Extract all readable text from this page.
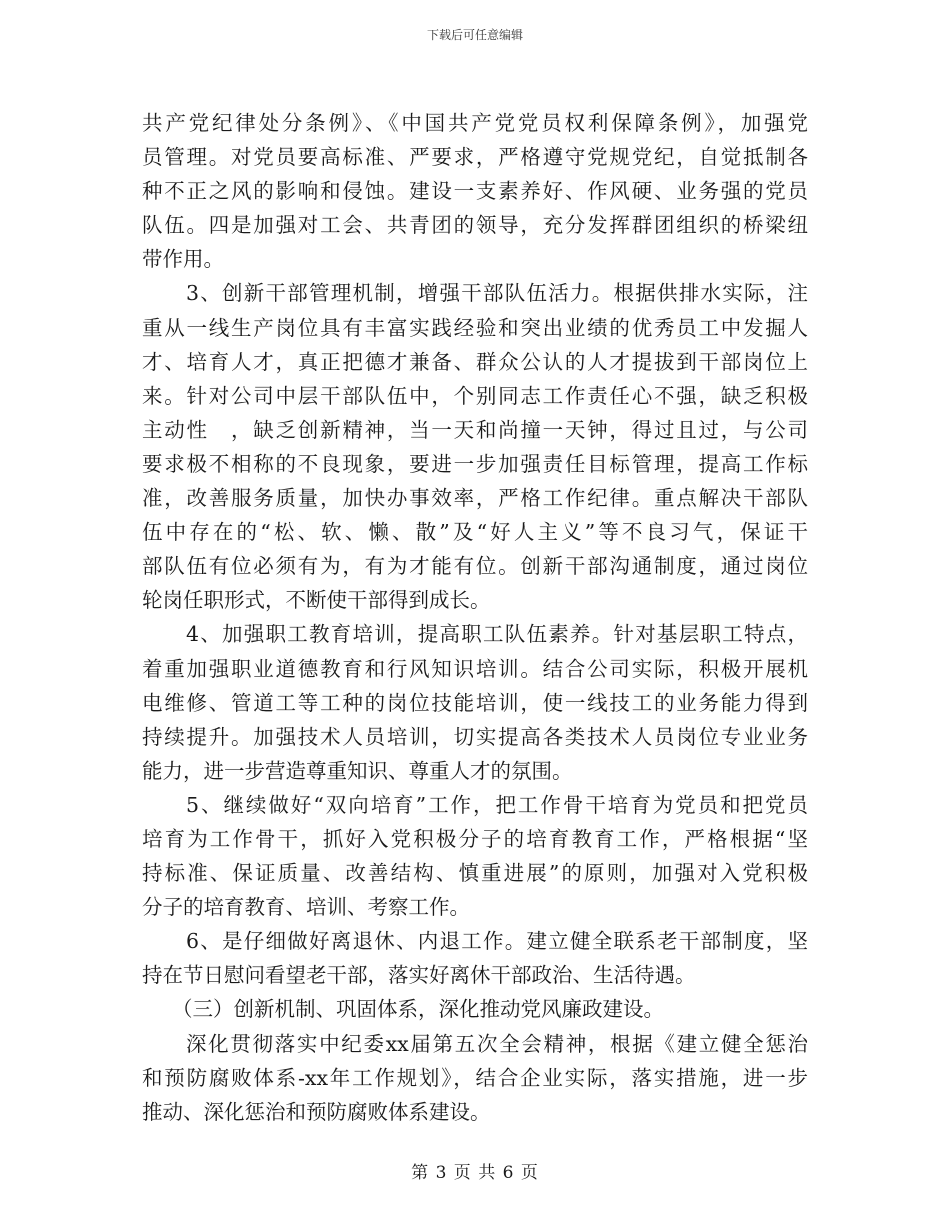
下载后可任意编辑
共产党纪律处分条例》、《中国共产党党员权利保障条例》，加强党
员管理。对党员要高标准、严要求，严格遵守党规党纪，自觉抵制各
种不正之风的影响和侵蚀。建设一支素养好、作风硬、业务强的党员
队伍。四是加强对工会、共青团的领导，充分发挥群团组织的桥梁纽
带作用。
3、创新干部管理机制，增强干部队伍活力。根据供排水实际，注
重从一线生产岗位具有丰富实践经验和突出业绩的优秀员工中发掘人
才、培育人才，真正把德才兼备、群众公认的人才提拔到干部岗位上
来。针对公司中层干部队伍中，个别同志工作责任心不强，缺乏积极
主动性　，缺乏创新精神，当一天和尚撞一天钟，得过且过，与公司
要求极不相称的不良现象，要进一步加强责任目标管理，提高工作标
准，改善服务质量，加快办事效率，严格工作纪律。重点解决干部队
伍中存在的“松、软、懒、散”及“好人主义”等不良习气，保证干
部队伍有位必须有为，有为才能有位。创新干部沟通制度，通过岗位
轮岗任职形式，不断使干部得到成长。
4、加强职工教育培训，提高职工队伍素养。针对基层职工特点，
着重加强职业道德教育和行风知识培训。结合公司实际，积极开展机
电维修、管道工等工种的岗位技能培训，使一线技工的业务能力得到
持续提升。加强技术人员培训，切实提高各类技术人员岗位专业业务
能力，进一步营造尊重知识、尊重人才的氛围。
5、继续做好“双向培育”工作，把工作骨干培育为党员和把党员
培育为工作骨干，抓好入党积极分子的培育教育工作，严格根据“坚
持标准、保证质量、改善结构、慎重进展”的原则，加强对入党积极
分子的培育教育、培训、考察工作。
6、是仔细做好离退休、内退工作。建立健全联系老干部制度，坚
持在节日慰问看望老干部，落实好离休干部政治、生活待遇。
（三）创新机制、巩固体系，深化推动党风廉政建设。
深化贯彻落实中纪委xx届第五次全会精神，根据《建立健全惩治
和预防腐败体系-xx年工作规划》，结合企业实际，落实措施，进一步
推动、深化惩治和预防腐败体系建设。
第 3 页 共 6 页
